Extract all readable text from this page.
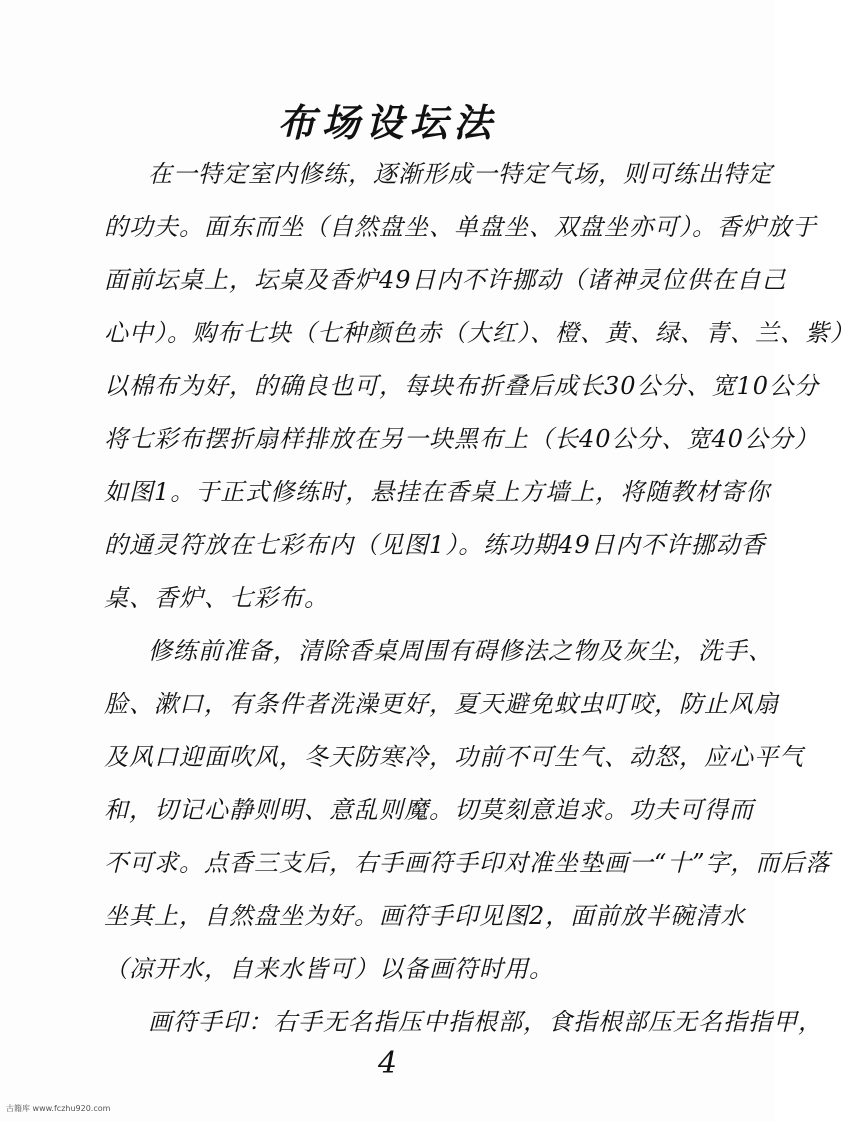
布场设坛法
在一特定室内修练，逐渐形成一特定气场，则可练出特定
的功夫。面东而坐（自然盘坐、单盘坐、双盘坐亦可）。香炉放于
面前坛桌上，坛桌及香炉49日内不许挪动（诸神灵位供在自己
心中）。购布七块（七种颜色赤（大红）、橙、黄、绿、青、兰、紫）
以棉布为好，的确良也可，每块布折叠后成长30公分、宽10公分
将七彩布摆折扇样排放在另一块黑布上（长40公分、宽40公分）
如图1。于正式修练时，悬挂在香桌上方墙上，将随教材寄你
的通灵符放在七彩布内（见图1）。练功期49日内不许挪动香
桌、香炉、七彩布。
修练前准备，清除香桌周围有碍修法之物及灰尘，洗手、
脸、漱口，有条件者洗澡更好，夏天避免蚊虫叮咬，防止风扇
及风口迎面吹风，冬天防寒冷，功前不可生气、动怒，应心平气
和，切记心静则明、意乱则魔。切莫刻意追求。功夫可得而
不可求。点香三支后，右手画符手印对准坐垫画一“十”字，而后落
坐其上，自然盘坐为好。画符手印见图2，面前放半碗清水
（凉开水，自来水皆可）以备画符时用。
画符手印：右手无名指压中指根部，食指根部压无名指指甲，
4
古籍库 www.fczhu920.com
